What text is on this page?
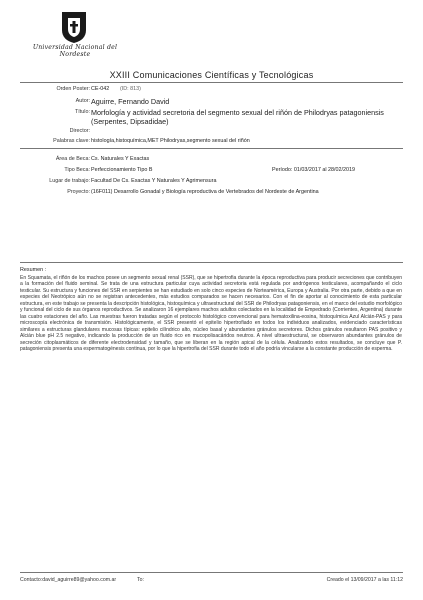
Universidad Nacional del Nordeste
XXIII Comunicaciones Científicas y Tecnológicas
Orden Poster: CE-042 (ID: 813)
Autor: Aguirre, Fernando David
Título: Morfología y actividad secretoria del segmento sexual del riñón de Philodryas patagoniensis
(Serpentes, Dipsadidae)
Director:
Palabras clave: histología,histoquímica,MET Philodryas,segmento sexual del riñón
Área de Beca: Cs. Naturales Y Exactas
Tipo Beca: Perfeccionamiento Tipo B	Período: 01/03/2017 al 28/02/2019
Lugar de trabajo: Facultad De Cs. Exactas Y Naturales Y Agrimensura
Proyecto: (16F011) Desarrollo Gonadal y Biología reproductiva de Vertebrados del Nordeste de Argentina
Resumen :
En Squamata, el riñón de los machos posee un segmento sexual renal (SSR), que se hipertrofia durante la época reproductiva para producir secreciones que contribuyen a la formación del fluido seminal. Se trata de una estructura particular cuya actividad secretoria está regulada por andrógenos testiculares, acompañando el ciclo testicular. Su estructura y funciones del SSR en serpientes se han estudiado en solo cinco especies de Norteamérica, Europa y Australia. Por otra parte, debido a que en especies del Neotrópico aún no se registran antecedentes, más estudios comparados se hacen necesarios. Con el fin de aportar al conocimiento de esta particular estructura, en este trabajo se presenta la descripción histológica, histoquímica y ultraestructural del SSR de Philodryas patagoniensis, en el marco del estudio morfológico y funcional del ciclo de sus órganos reproductivos. Se analizaron 16 ejemplares machos adultos colectados en la localidad de Empedrado (Corrientes, Argentina) durante las cuatro estaciones del año. Las muestras fueron tratadas según el protocolo histológico convencional para hematoxilina-eosina, histoquímica Azul Alcián-PAS y para microscopía electrónica de transmisión. Histológicamente, el SSR presentó el epitelio hipertrofiado en todos los individuos analizados, evidenciado características similares a estructuras glandulares mucosas típicas: epitelio cilíndrico alto, núcleo basal y abundantes gránulos secretores. Dichos gránulos resultaron PAS positivo y Alcián blue pH 2.5 negativo, indicando la producción de un fluido rico en mucopolisacáridos neutros. A nivel ultraestructural, se observaron abundantes gránulos de secreción citoplasmáticos de diferente electrodensidad y tamaño, que se liberan en la región apical de la célula. Analizando estos resultados, se concluye que P. patagoniensis presenta una espermatogénesis continua, por lo que la hipertrofia del SSR durante todo el año podría vincularse a la constante producción de esperma.
Contacto:david_aguirre89@yahoo.com.ar	To:	Creado el 13/09/2017 a las 11:12
